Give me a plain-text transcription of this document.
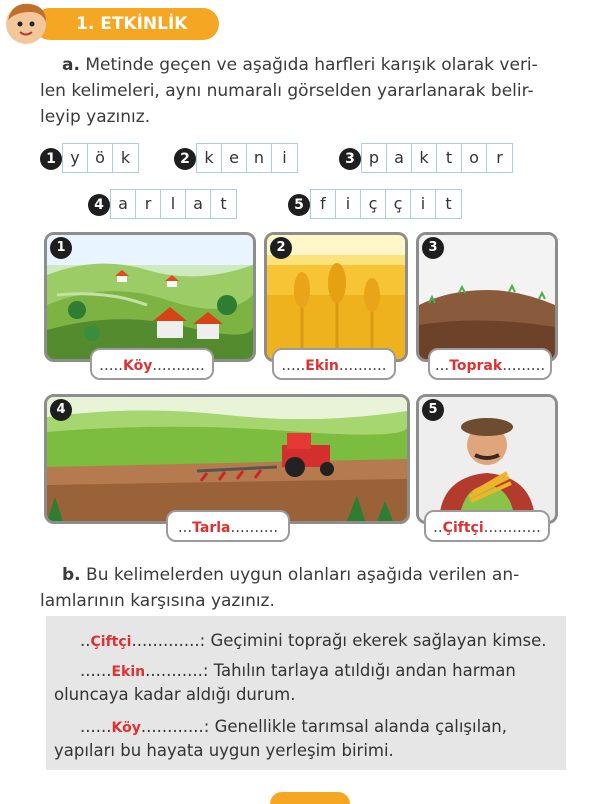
1. ETKİNLİK
a. Metinde geçen ve aşağıda harfleri karışık olarak veri-
len kelimeleri, aynı numaralı görselden yararlanarak belir-
leyip yazınız.
1 y ö k	2 k e n	i	3 p a k	t	o	r
4 a	r	l	a	t	5	f	i	ç	ç	i	t
1
.....Köy...........
2
.....Ekin..........
3
...Toprak.........
4
...Tarla..........
5
..Çiftçi............
b. Bu kelimelerden uygun olanları aşağıda verilen an-
lamlarının karşısına yazınız.
..Çiftçi.............: Geçimini toprağı ekerek sağlayan kimse.
......Ekin...........: Tahılın tarlaya atıldığı andan harman
oluncaya kadar aldığı durum.
......Köy............: Genellikle tarımsal alanda çalışılan,
yapıları bu hayata uygun yerleşim birimi.
